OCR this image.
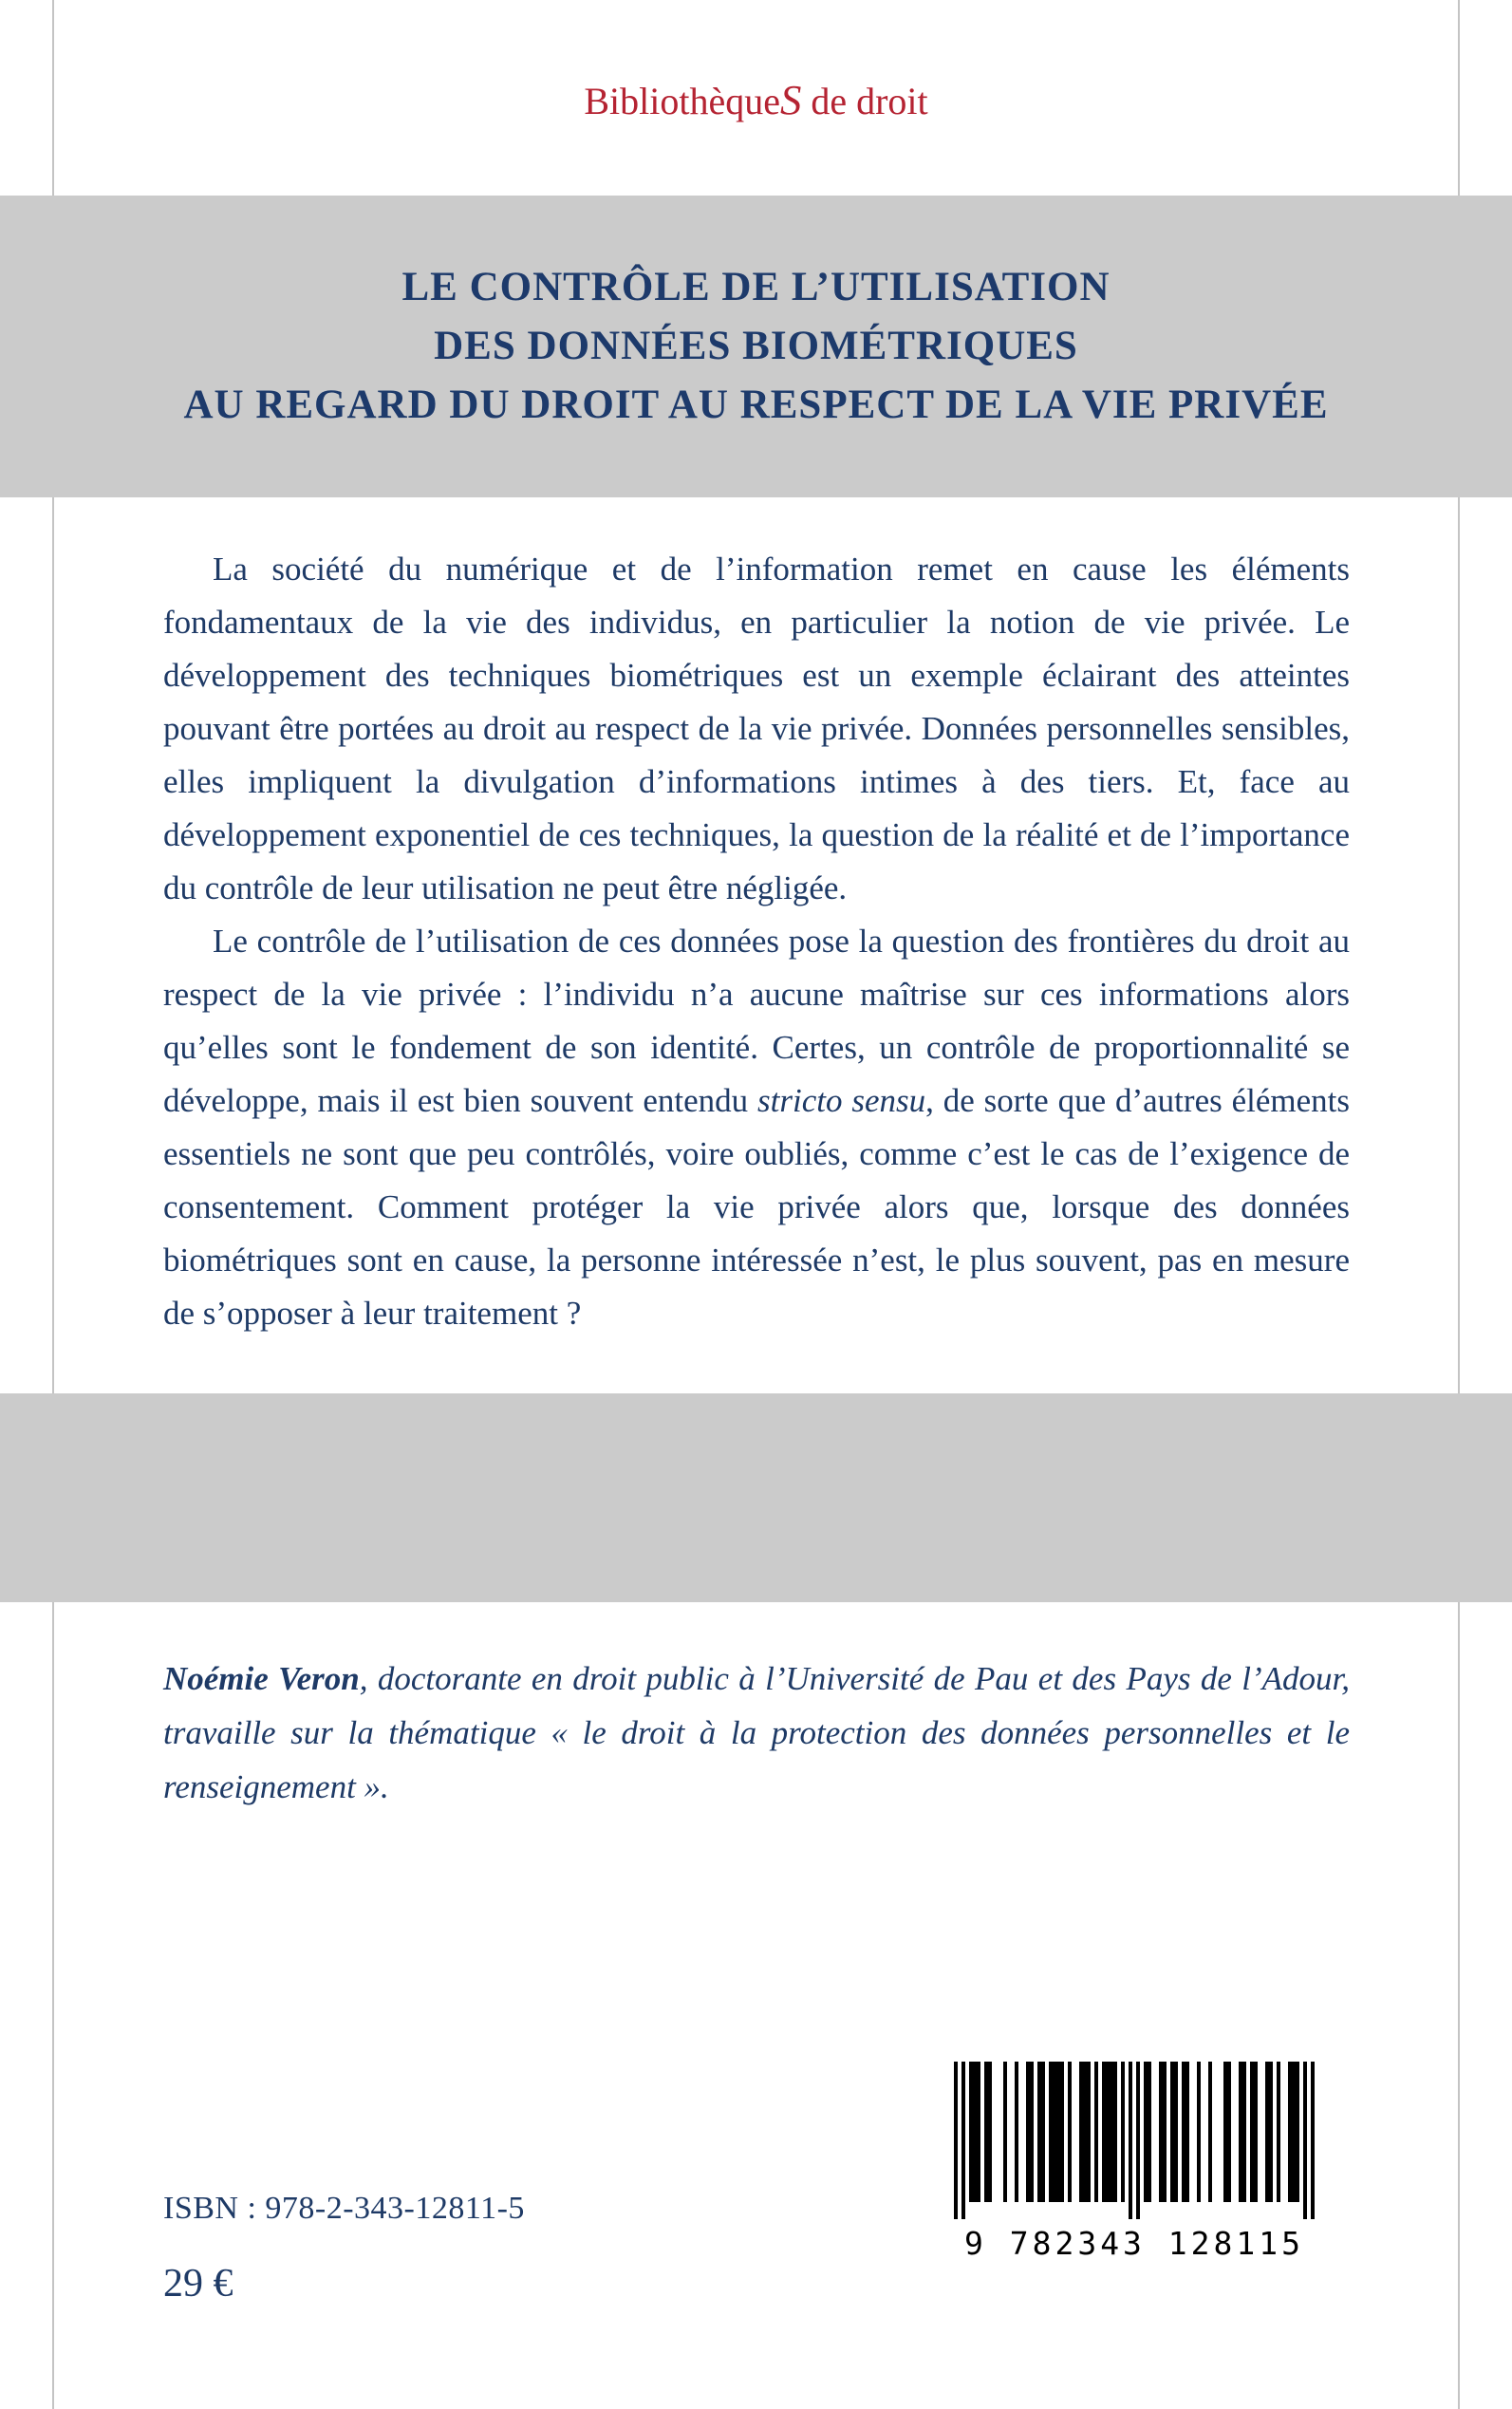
BibliothèqueS de droit
LE CONTRÔLE DE L’UTILISATION
DES DONNÉES BIOMÉTRIQUES
AU REGARD DU DROIT AU RESPECT DE LA VIE PRIVÉE

La société du numérique et de l’information remet en cause les éléments fondamentaux de la vie des individus, en particulier la notion de vie privée. Le développement des techniques biométriques est un exemple éclairant des atteintes pouvant être portées au droit au respect de la vie privée. Données personnelles sensibles, elles impliquent la divulgation d’informations intimes à des tiers. Et, face au développement exponentiel de ces techniques, la question de la réalité et de l’importance du contrôle de leur utilisation ne peut être négligée.

Le contrôle de l’utilisation de ces données pose la question des frontières du droit au respect de la vie privée : l’individu n’a aucune maîtrise sur ces informations alors qu’elles sont le fondement de son identité. Certes, un contrôle de proportionnalité se développe, mais il est bien souvent entendu stricto sensu, de sorte que d’autres éléments essentiels ne sont que peu contrôlés, voire oubliés, comme c’est le cas de l’exigence de consentement. Comment protéger la vie privée alors que, lorsque des données biométriques sont en cause, la personne intéressée n’est, le plus souvent, pas en mesure de s’opposer à leur traitement ?

Noémie Veron, doctorante en droit public à l’Université de Pau et des Pays de l’Adour, travaille sur la thématique « le droit à la protection des données personnelles et le renseignement ».
ISBN : 978-2-343-12811-5
29 €
9 782343 128115
